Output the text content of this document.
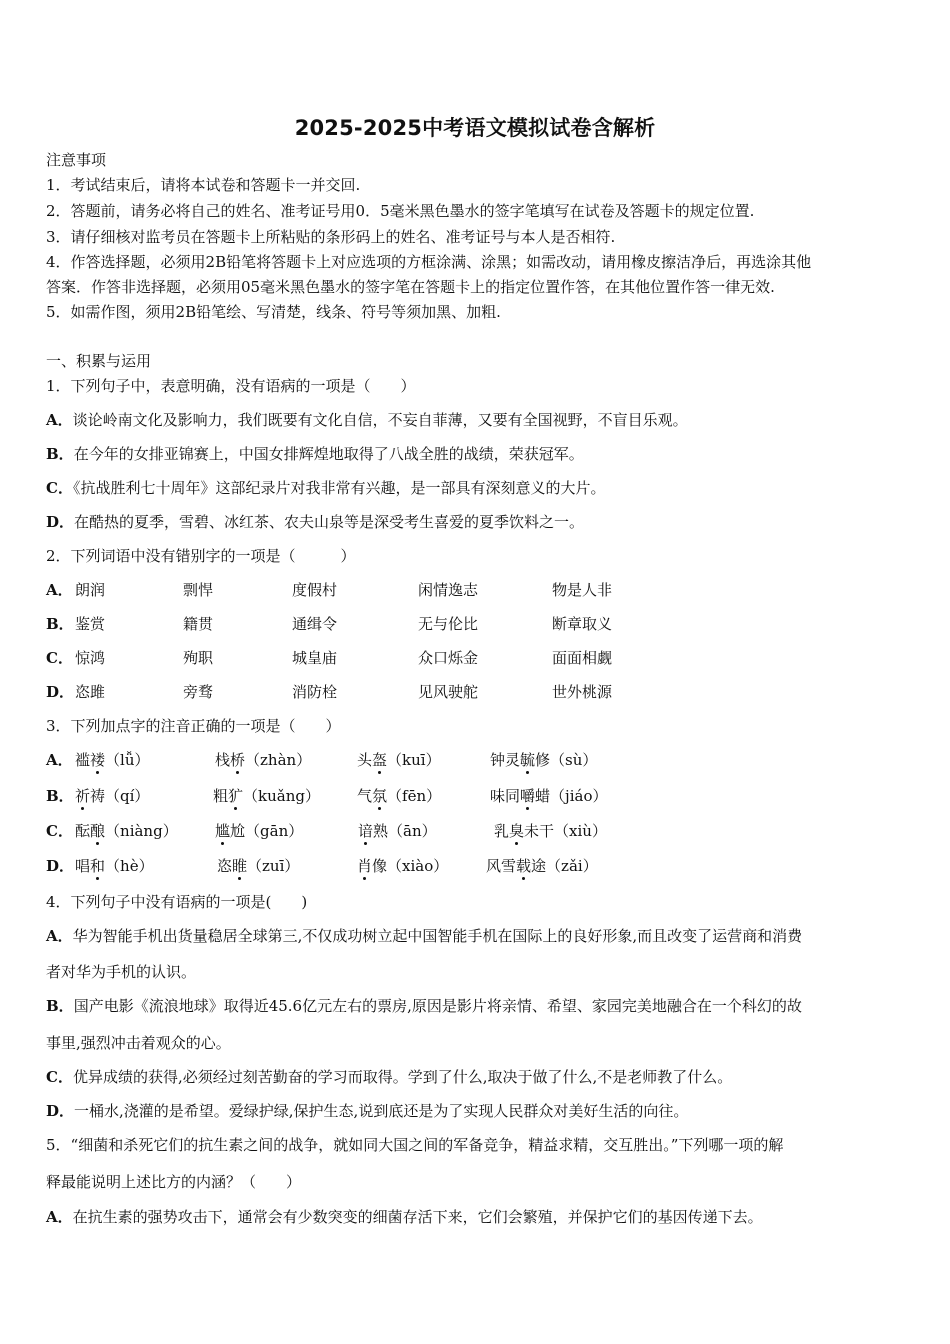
2025-2025中考语文模拟试卷含解析
注意事项
1．考试结束后，请将本试卷和答题卡一并交回.
2．答题前，请务必将自己的姓名、准考证号用0．5毫米黑色墨水的签字笔填写在试卷及答题卡的规定位置.
3．请仔细核对监考员在答题卡上所粘贴的条形码上的姓名、准考证号与本人是否相符.
4．作答选择题，必须用2B铅笔将答题卡上对应选项的方框涂满、涂黑；如需改动，请用橡皮擦洁净后，再选涂其他
答案．作答非选择题，必须用05毫米黑色墨水的签字笔在答题卡上的指定位置作答，在其他位置作答一律无效.
5．如需作图，须用2B铅笔绘、写清楚，线条、符号等须加黑、加粗.
一、积累与运用
1．下列句子中，表意明确，没有语病的一项是（　　）
A．谈论岭南文化及影响力，我们既要有文化自信，不妄自菲薄，又要有全国视野，不盲目乐观。
B．在今年的女排亚锦赛上，中国女排辉煌地取得了八战全胜的战绩，荣获冠军。
C．《抗战胜利七十周年》这部纪录片对我非常有兴趣，是一部具有深刻意义的大片。
D．在酷热的夏季，雪碧、冰红茶、农夫山泉等是深受考生喜爱的夏季饮料之一。
2．下列词语中没有错别字的一项是（　　　）
A． 朗润	剽悍	度假村	闲情逸志	物是人非
B． 鉴赏	籍贯	通缉令	无与伦比	断章取义
C． 惊鸿	殉职	城皇庙	众口烁金	面面相觑
D． 恣雎	旁骛	消防栓	见风驶舵	世外桃源
3．下列加点字的注音正确的一项是（　　）
A． 褴褛（lǚ）	栈桥（zhàn）	头盔（kuī）	钟灵毓修（sù）
B． 祈祷（qí）	粗犷（kuǎng） 气氛（fēn）	味同嚼蜡（jiáo）
C． 酝酿（niàng） 尴尬（gān）	谙熟（ān）	乳臭未干（xiù）
D． 唱和（hè）	恣睢（zuī）	肖像（xiào）	风雪载途（zǎi）
4．下列句子中没有语病的一项是(　　)
A．华为智能手机出货量稳居全球第三,不仅成功树立起中国智能手机在国际上的良好形象,而且改变了运营商和消费
者对华为手机的认识。
B．国产电影《流浪地球》取得近45.6亿元左右的票房,原因是影片将亲情、希望、家园完美地融合在一个科幻的故
事里,强烈冲击着观众的心。
C．优异成绩的获得,必须经过刻苦勤奋的学习而取得。学到了什么,取决于做了什么,不是老师教了什么。
D．一桶水,浇灌的是希望。爱绿护绿,保护生态,说到底还是为了实现人民群众对美好生活的向往。
5．“细菌和杀死它们的抗生素之间的战争，就如同大国之间的军备竞争，精益求精，交互胜出。”下列哪一项的解
释最能说明上述比方的内涵？（　　）
A．在抗生素的强势攻击下，通常会有少数突变的细菌存活下来，它们会繁殖，并保护它们的基因传递下去。
